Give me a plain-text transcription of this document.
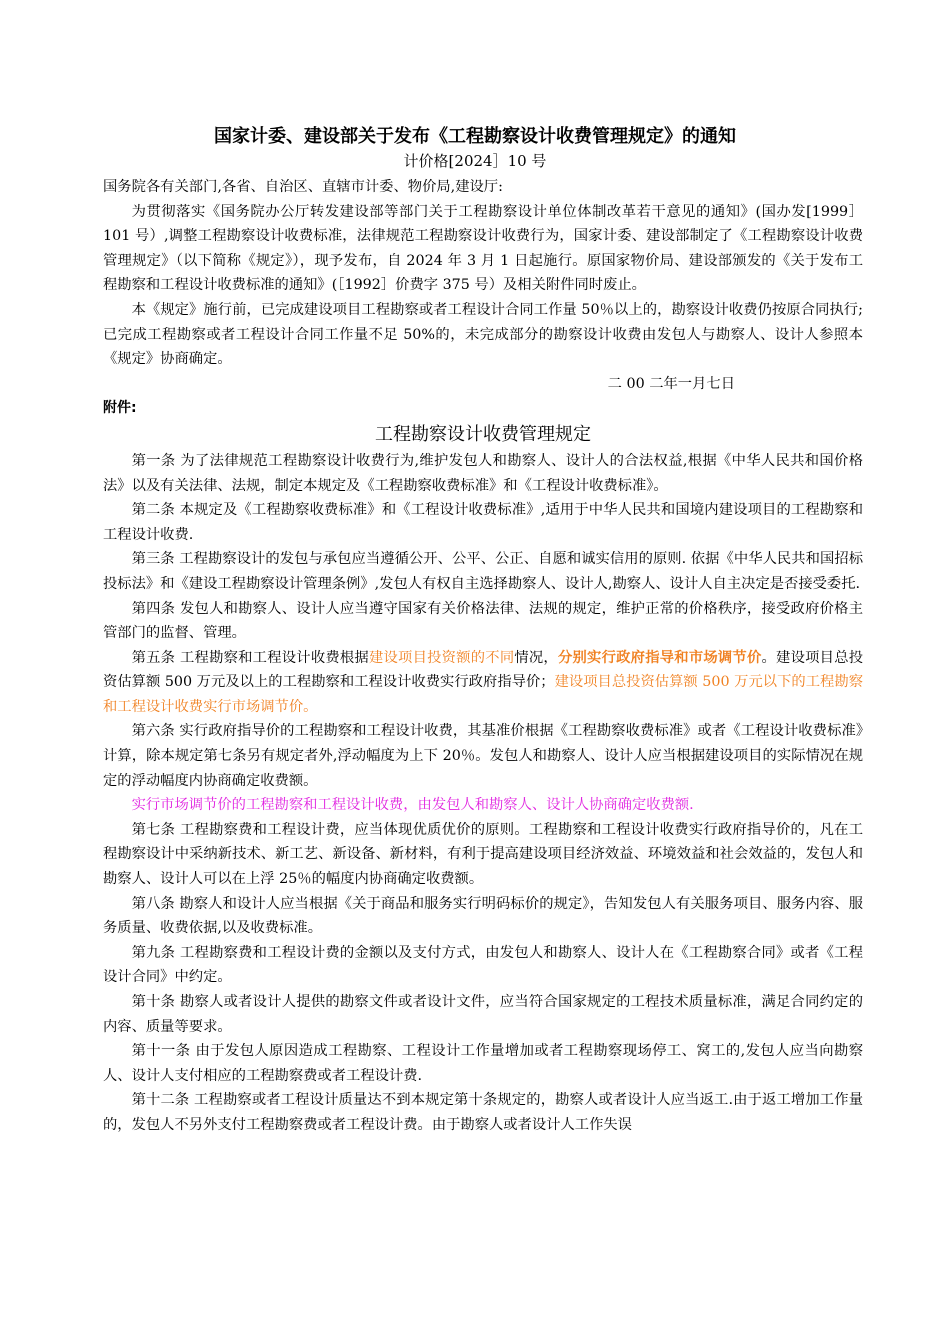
国家计委、建设部关于发布《工程勘察设计收费管理规定》的通知
计价格[2024］10 号

国务院各有关部门,各省、自治区、直辖市计委、物价局,建设厅:

为贯彻落实《国务院办公厅转发建设部等部门关于工程勘察设计单位体制改革若干意见的通知》(国办发[1999］101 号）,调整工程勘察设计收费标准，法律规范工程勘察设计收费行为，国家计委、建设部制定了《工程勘察设计收费管理规定》（以下简称《规定》），现予发布，自 2024 年 3 月 1 日起施行。原国家物价局、建设部颁发的《关于发布工程勘察和工程设计收费标准的通知》(［1992］价费字 375 号）及相关附件同时废止。

本《规定》施行前，已完成建设项目工程勘察或者工程设计合同工作量 50％以上的，勘察设计收费仍按原合同执行; 已完成工程勘察或者工程设计合同工作量不足 50%的，未完成部分的勘察设计收费由发包人与勘察人、设计人参照本《规定》协商确定。

二 00 二年一月七日

附件:

工程勘察设计收费管理规定

第一条 为了法律规范工程勘察设计收费行为,维护发包人和勘察人、设计人的合法权益,根据《中华人民共和国价格法》以及有关法律、法规，制定本规定及《工程勘察收费标准》和《工程设计收费标准》。

第二条 本规定及《工程勘察收费标准》和《工程设计收费标准》,适用于中华人民共和国境内建设项目的工程勘察和工程设计收费.

第三条 工程勘察设计的发包与承包应当遵循公开、公平、公正、自愿和诚实信用的原则. 依据《中华人民共和国招标投标法》和《建设工程勘察设计管理条例》,发包人有权自主选择勘察人、设计人,勘察人、设计人自主决定是否接受委托.

第四条 发包人和勘察人、设计人应当遵守国家有关价格法律、法规的规定，维护正常的价格秩序，接受政府价格主管部门的监督、管理。

第五条 工程勘察和工程设计收费根据建设项目投资额的不同情况，分别实行政府指导和市场调节价。建设项目总投资估算额 500 万元及以上的工程勘察和工程设计收费实行政府指导价；建设项目总投资估算额 500 万元以下的工程勘察和工程设计收费实行市场调节价。

第六条 实行政府指导价的工程勘察和工程设计收费，其基准价根据《工程勘察收费标准》或者《工程设计收费标准》计算，除本规定第七条另有规定者外,浮动幅度为上下 20％。发包人和勘察人、设计人应当根据建设项目的实际情况在规定的浮动幅度内协商确定收费额。

实行市场调节价的工程勘察和工程设计收费，由发包人和勘察人、设计人协商确定收费额.

第七条 工程勘察费和工程设计费，应当体现优质优价的原则。工程勘察和工程设计收费实行政府指导价的，凡在工程勘察设计中采纳新技术、新工艺、新设备、新材料，有利于提高建设项目经济效益、环境效益和社会效益的，发包人和勘察人、设计人可以在上浮 25％的幅度内协商确定收费额。

第八条 勘察人和设计人应当根据《关于商品和服务实行明码标价的规定》，告知发包人有关服务项目、服务内容、服务质量、收费依据,以及收费标准。

第九条 工程勘察费和工程设计费的金额以及支付方式，由发包人和勘察人、设计人在《工程勘察合同》或者《工程设计合同》中约定。

第十条 勘察人或者设计人提供的勘察文件或者设计文件，应当符合国家规定的工程技术质量标准，满足合同约定的内容、质量等要求。

第十一条 由于发包人原因造成工程勘察、工程设计工作量增加或者工程勘察现场停工、窝工的,发包人应当向勘察人、设计人支付相应的工程勘察费或者工程设计费.

第十二条 工程勘察或者工程设计质量达不到本规定第十条规定的，勘察人或者设计人应当返工.由于返工增加工作量的，发包人不另外支付工程勘察费或者工程设计费。由于勘察人或者设计人工作失误
